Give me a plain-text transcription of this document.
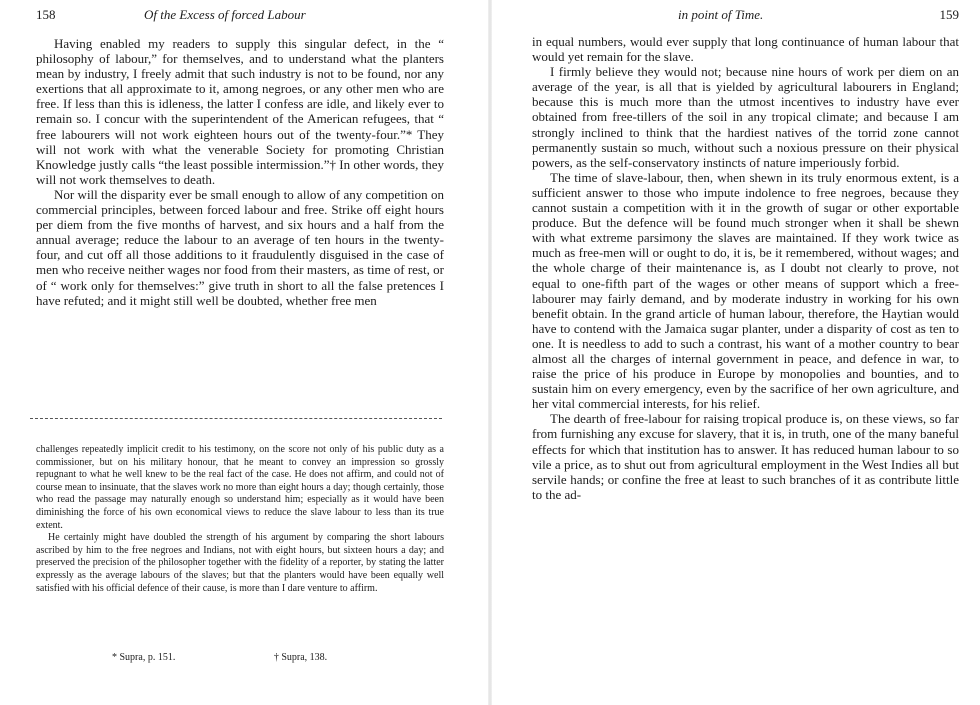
158	Of the Excess of forced Labour

Having enabled my readers to supply this singular defect, in the “ philosophy of labour,” for themselves, and to understand what the planters mean by industry, I freely admit that such industry is not to be found, nor any exertions that all approximate to it, among negroes, or any other men who are free. If less than this is idleness, the latter I confess are idle, and likely ever to remain so. I concur with the superintendent of the American refugees, that “ free labourers will not work eighteen hours out of the twenty-four.”* They will not work with what the venerable Society for promoting Christian Knowledge justly calls “the least possible intermission.”† In other words, they will not work themselves to death.

Nor will the disparity ever be small enough to allow of any competition on commercial principles, between forced labour and free. Strike off eight hours per diem from the five months of harvest, and six hours and a half from the annual average; reduce the labour to an average of ten hours in the twenty-four, and cut off all those additions to it fraudulently disguised in the case of men who receive neither wages nor food from their masters, as time of rest, or of “ work only for themselves:” give truth in short to all the false pretences I have refuted; and it might still well be doubted, whether free men

challenges repeatedly implicit credit to his testimony, on the score not only of his public duty as a commissioner, but on his military honour, that he meant to convey an impression so grossly repugnant to what he well knew to be the real fact of the case. He does not affirm, and could not of course mean to insinuate, that the slaves work no more than eight hours a day; though certainly, those who read the passage may naturally enough so understand him; especially as it would have been diminishing the force of his own economical views to reduce the slave labour to less than its true extent.

He certainly might have doubled the strength of his argument by comparing the short labours ascribed by him to the free negroes and Indians, not with eight hours, but sixteen hours a day; and preserved the precision of the philosopher together with the fidelity of a reporter, by stating the latter expressly as the average labours of the slaves; but that the planters would have been equally well satisfied with his official defence of their cause, is more than I dare venture to affirm.

* Supra, p. 151.	† Supra, 138.
in point of Time.	159

in equal numbers, would ever supply that long continuance of human labour that would yet remain for the slave.

I firmly believe they would not; because nine hours of work per diem on an average of the year, is all that is yielded by agricultural labourers in England; because this is much more than the utmost incentives to industry have ever obtained from free-tillers of the soil in any tropical climate; and because I am strongly inclined to think that the hardiest natives of the torrid zone cannot permanently sustain so much, without such a noxious pressure on their physical powers, as the self-conservatory instincts of nature imperiously forbid.

The time of slave-labour, then, when shewn in its truly enormous extent, is a sufficient answer to those who impute indolence to free negroes, because they cannot sustain a competition with it in the growth of sugar or other exportable produce. But the defence will be found much stronger when it shall be shewn with what extreme parsimony the slaves are maintained. If they work twice as much as free-men will or ought to do, it is, be it remembered, without wages; and the whole charge of their maintenance is, as I doubt not clearly to prove, not equal to one-fifth part of the wages or other means of support which a free-labourer may fairly demand, and by moderate industry in working for his own benefit obtain. In the grand article of human labour, therefore, the Haytian would have to contend with the Jamaica sugar planter, under a disparity of cost as ten to one. It is needless to add to such a contrast, his want of a mother country to bear almost all the charges of internal government in peace, and defence in war, to raise the price of his produce in Europe by monopolies and bounties, and to sustain him on every emergency, even by the sacrifice of her own agriculture, and her vital commercial interests, for his relief.

The dearth of free-labour for raising tropical produce is, on these views, so far from furnishing any excuse for slavery, that it is, in truth, one of the many baneful effects for which that institution has to answer. It has reduced human labour to so vile a price, as to shut out from agricultural employment in the West Indies all but servile hands; or confine the free at least to such branches of it as contribute little to the ad-
